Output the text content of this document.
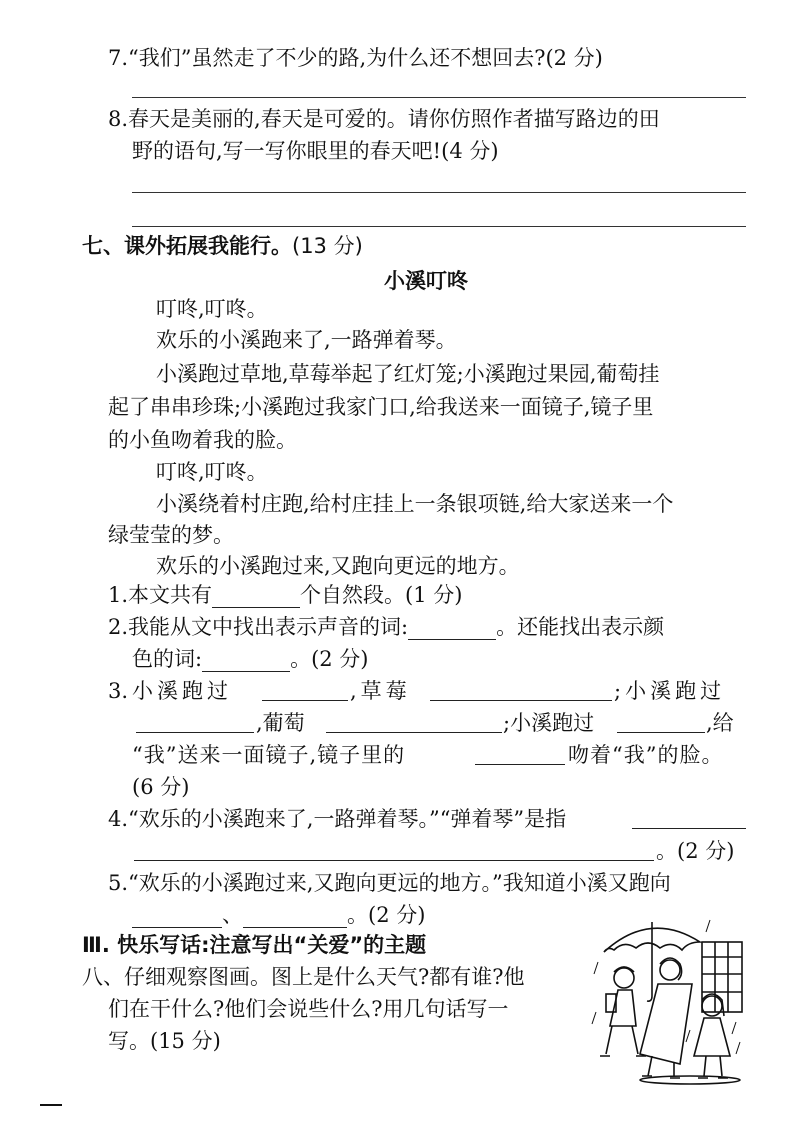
7.“我们”虽然走了不少的路,为什么还不想回去?(2 分)
8.春天是美丽的,春天是可爱的。请你仿照作者描写路边的田
野的语句,写一写你眼里的春天吧!(4 分)
七、课外拓展我能行。(13 分)
小溪叮咚
叮咚,叮咚。
欢乐的小溪跑来了,一路弹着琴。
小溪跑过草地,草莓举起了红灯笼;小溪跑过果园,葡萄挂
起了串串珍珠;小溪跑过我家门口,给我送来一面镜子,镜子里
的小鱼吻着我的脸。
叮咚,叮咚。
小溪绕着村庄跑,给村庄挂上一条银项链,给大家送来一个
绿莹莹的梦。
欢乐的小溪跑过来,又跑向更远的地方。
1.本文共有	个自然段。(1 分)
2.我能从文中找出表示声音的词:	。还能找出表示颜
色的词:	。(2 分)
3. 小溪跑过	,草莓	;小溪跑过
,葡萄	;小溪跑过	,给
“我”送来一面镜子,镜子里的	吻着“我”的脸。
(6 分)
4.“欢乐的小溪跑来了,一路弹着琴。”“弹着琴”是指
。(2 分)
5.“欢乐的小溪跑过来,又跑向更远的地方。”我知道小溪又跑向
、	。(2 分)
Ⅲ. 快乐写话:注意写出“关爱”的主题
八、仔细观察图画。图上是什么天气?都有谁?他
们在干什么?他们会说些什么?用几句话写一
写。(15 分)
